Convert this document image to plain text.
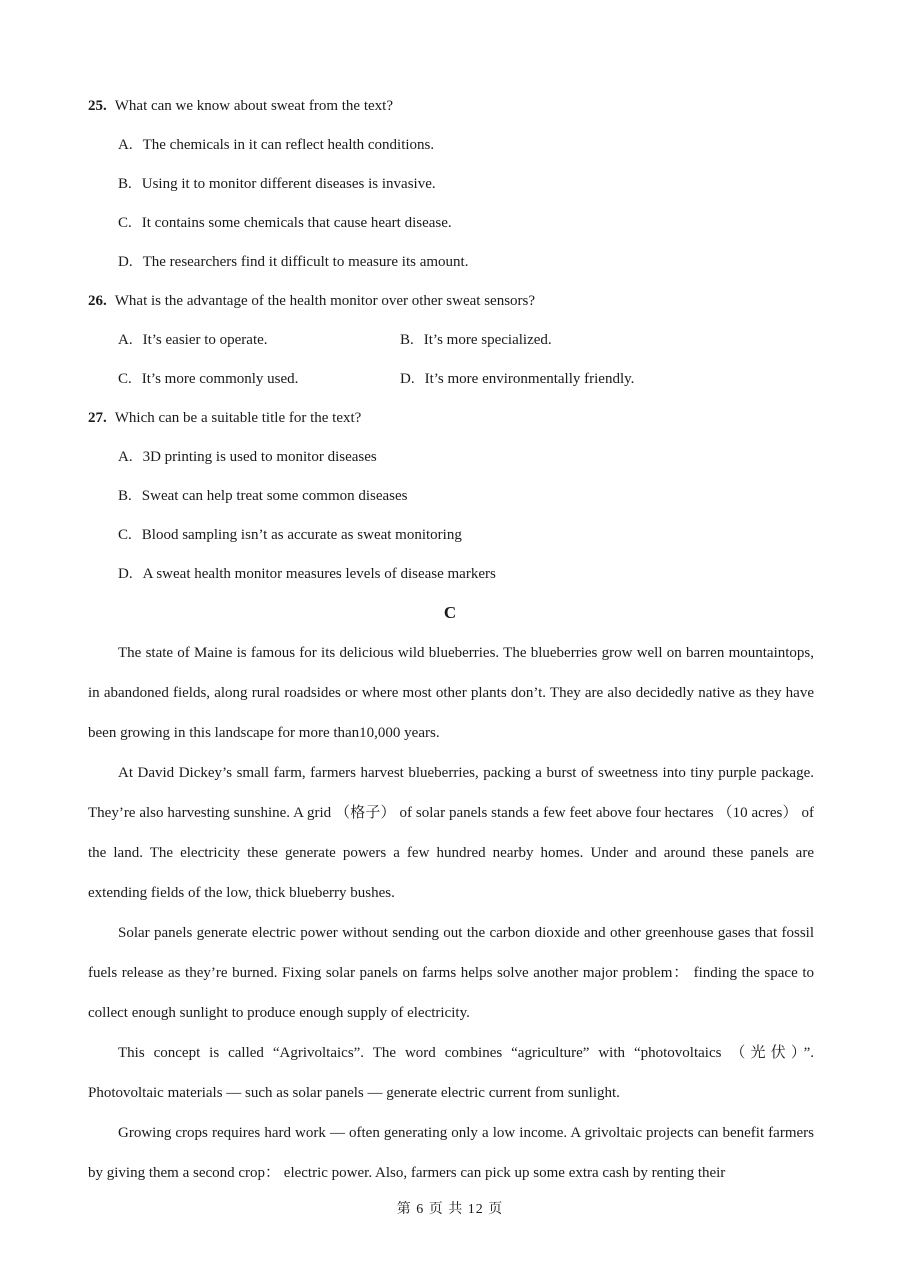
25. What can we know about sweat from the text?
A. The chemicals in it can reflect health conditions.
B. Using it to monitor different diseases is invasive.
C. It contains some chemicals that cause heart disease.
D. The researchers find it difficult to measure its amount.
26. What is the advantage of the health monitor over other sweat sensors?
A. It’s easier to operate.	B. It’s more specialized.
C. It’s more commonly used.	D. It’s more environmentally friendly.
27. Which can be a suitable title for the text?
A. 3D printing is used to monitor diseases
B. Sweat can help treat some common diseases
C. Blood sampling isn’t as accurate as sweat monitoring
D. A sweat health monitor measures levels of disease markers
C

The state of Maine is famous for its delicious wild blueberries. The blueberries grow well on barren mountaintops, in abandoned fields, along rural roadsides or where most other plants don’t. They are also decidedly native as they have been growing in this landscape for more than10,000 years.

At David Dickey’s small farm, farmers harvest blueberries, packing a burst of sweetness into tiny purple package. They’re also harvesting sunshine. A grid （格子） of solar panels stands a few feet above four hectares （10 acres） of the land. The electricity these generate powers a few hundred nearby homes. Under and around these panels are extending fields of the low, thick blueberry bushes.

Solar panels generate electric power without sending out the carbon dioxide and other greenhouse gases that fossil fuels release as they’re burned. Fixing solar panels on farms helps solve another major problem： finding the space to collect enough sunlight to produce enough supply of electricity.

This concept is called “Agrivoltaics”. The word combines “agriculture” with “photovoltaics （光伏）”. Photovoltaic materials — such as solar panels — generate electric current from sunlight.

Growing crops requires hard work — often generating only a low income. A grivoltaic projects can benefit farmers by giving them a second crop： electric power. Also, farmers can pick up some extra cash by renting their

第 6 页 共 12 页
